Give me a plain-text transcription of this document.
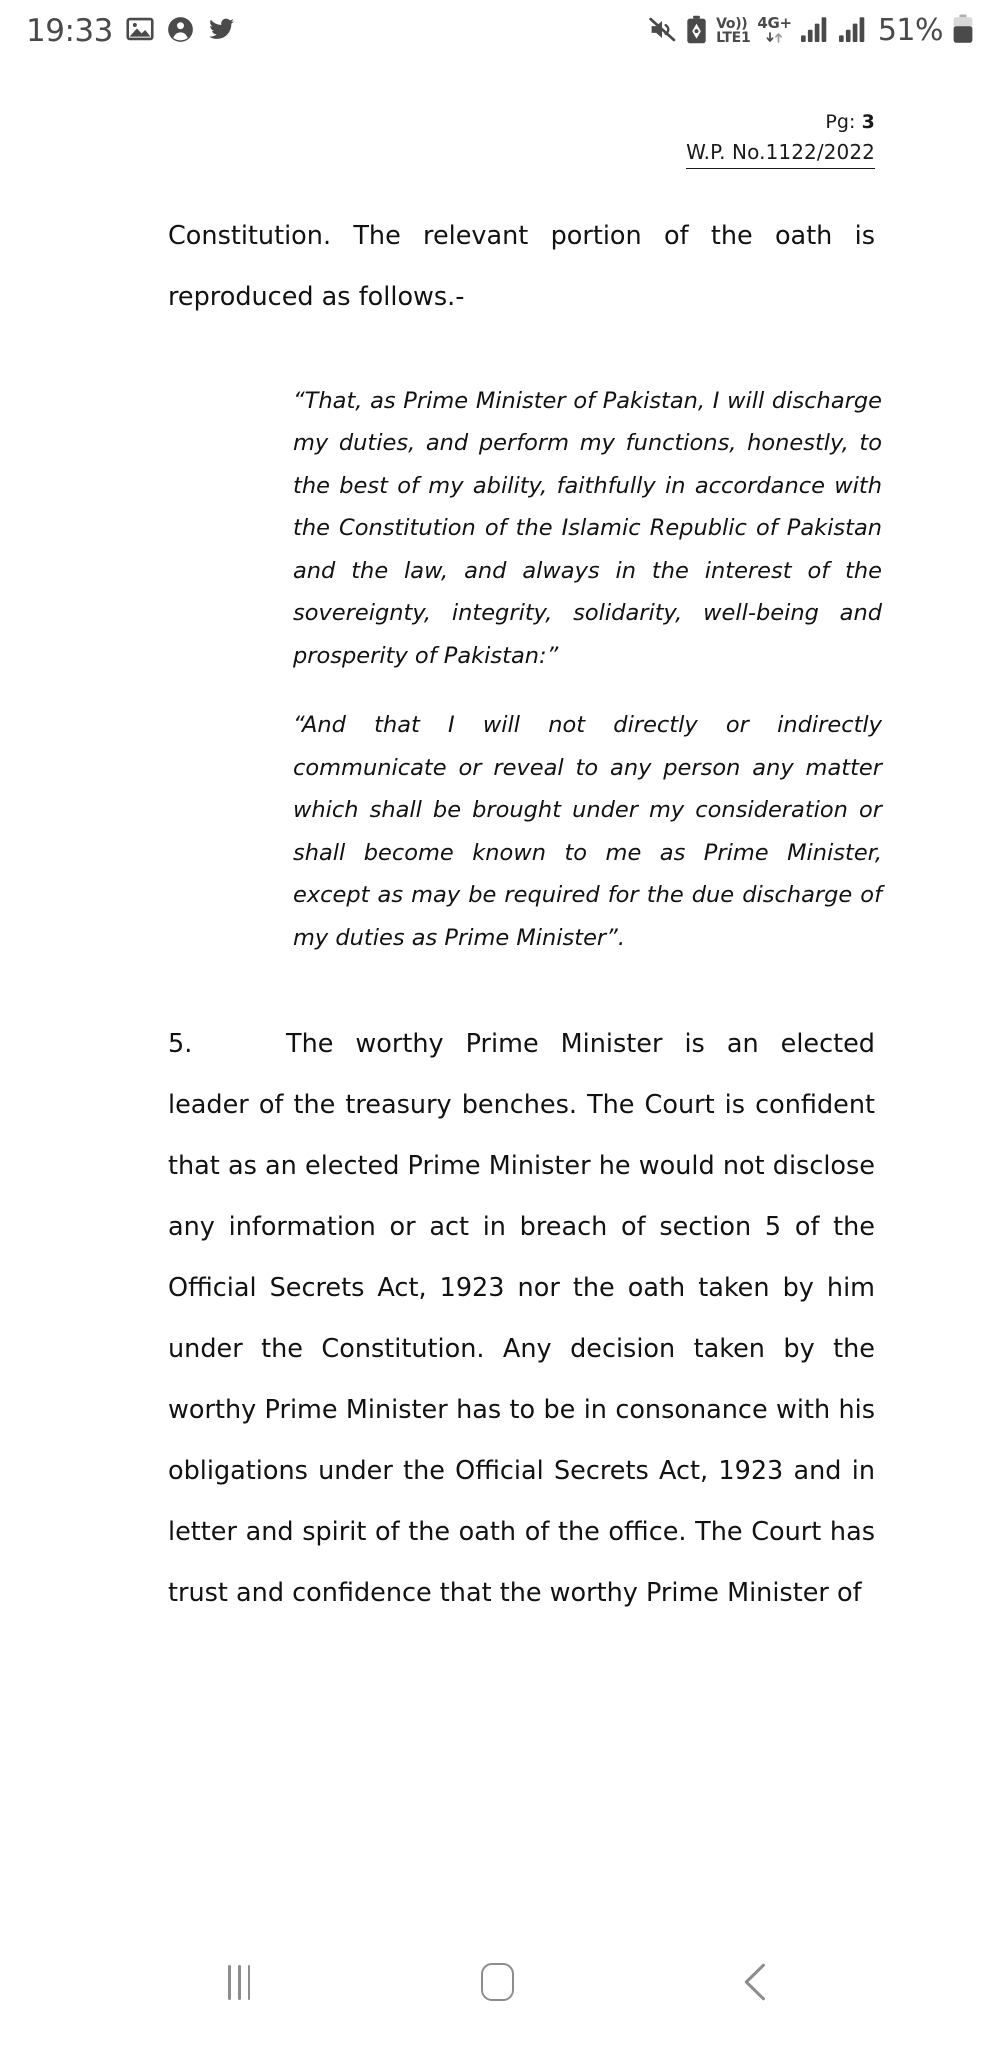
19:33	Vo))
LTE1
4G+	51%
Pg: 3
W.P. No.1122/2022

Constitution. The relevant portion of the oath is reproduced as follows.-

“That, as Prime Minister of Pakistan, I will discharge my duties, and perform my functions, honestly, to the best of my ability, faithfully in accordance with the Constitution of the Islamic Republic of Pakistan and the law, and always in the interest of the sovereignty, integrity, solidarity, well-being and prosperity of Pakistan:”

“And that I will not directly or indirectly communicate or reveal to any person any matter which shall be brought under my consideration or shall become known to me as Prime Minister, except as may be required for the due discharge of my duties as Prime Minister”.

5.	The worthy Prime Minister is an elected leader of the treasury benches. The Court is confident that as an elected Prime Minister he would not disclose any information or act in breach of section 5 of the Official Secrets Act, 1923 nor the oath taken by him under the Constitution. Any decision taken by the worthy Prime Minister has to be in consonance with his obligations under the Official Secrets Act, 1923 and in letter and spirit of the oath of the office. The Court has trust and confidence that the worthy Prime Minister of
